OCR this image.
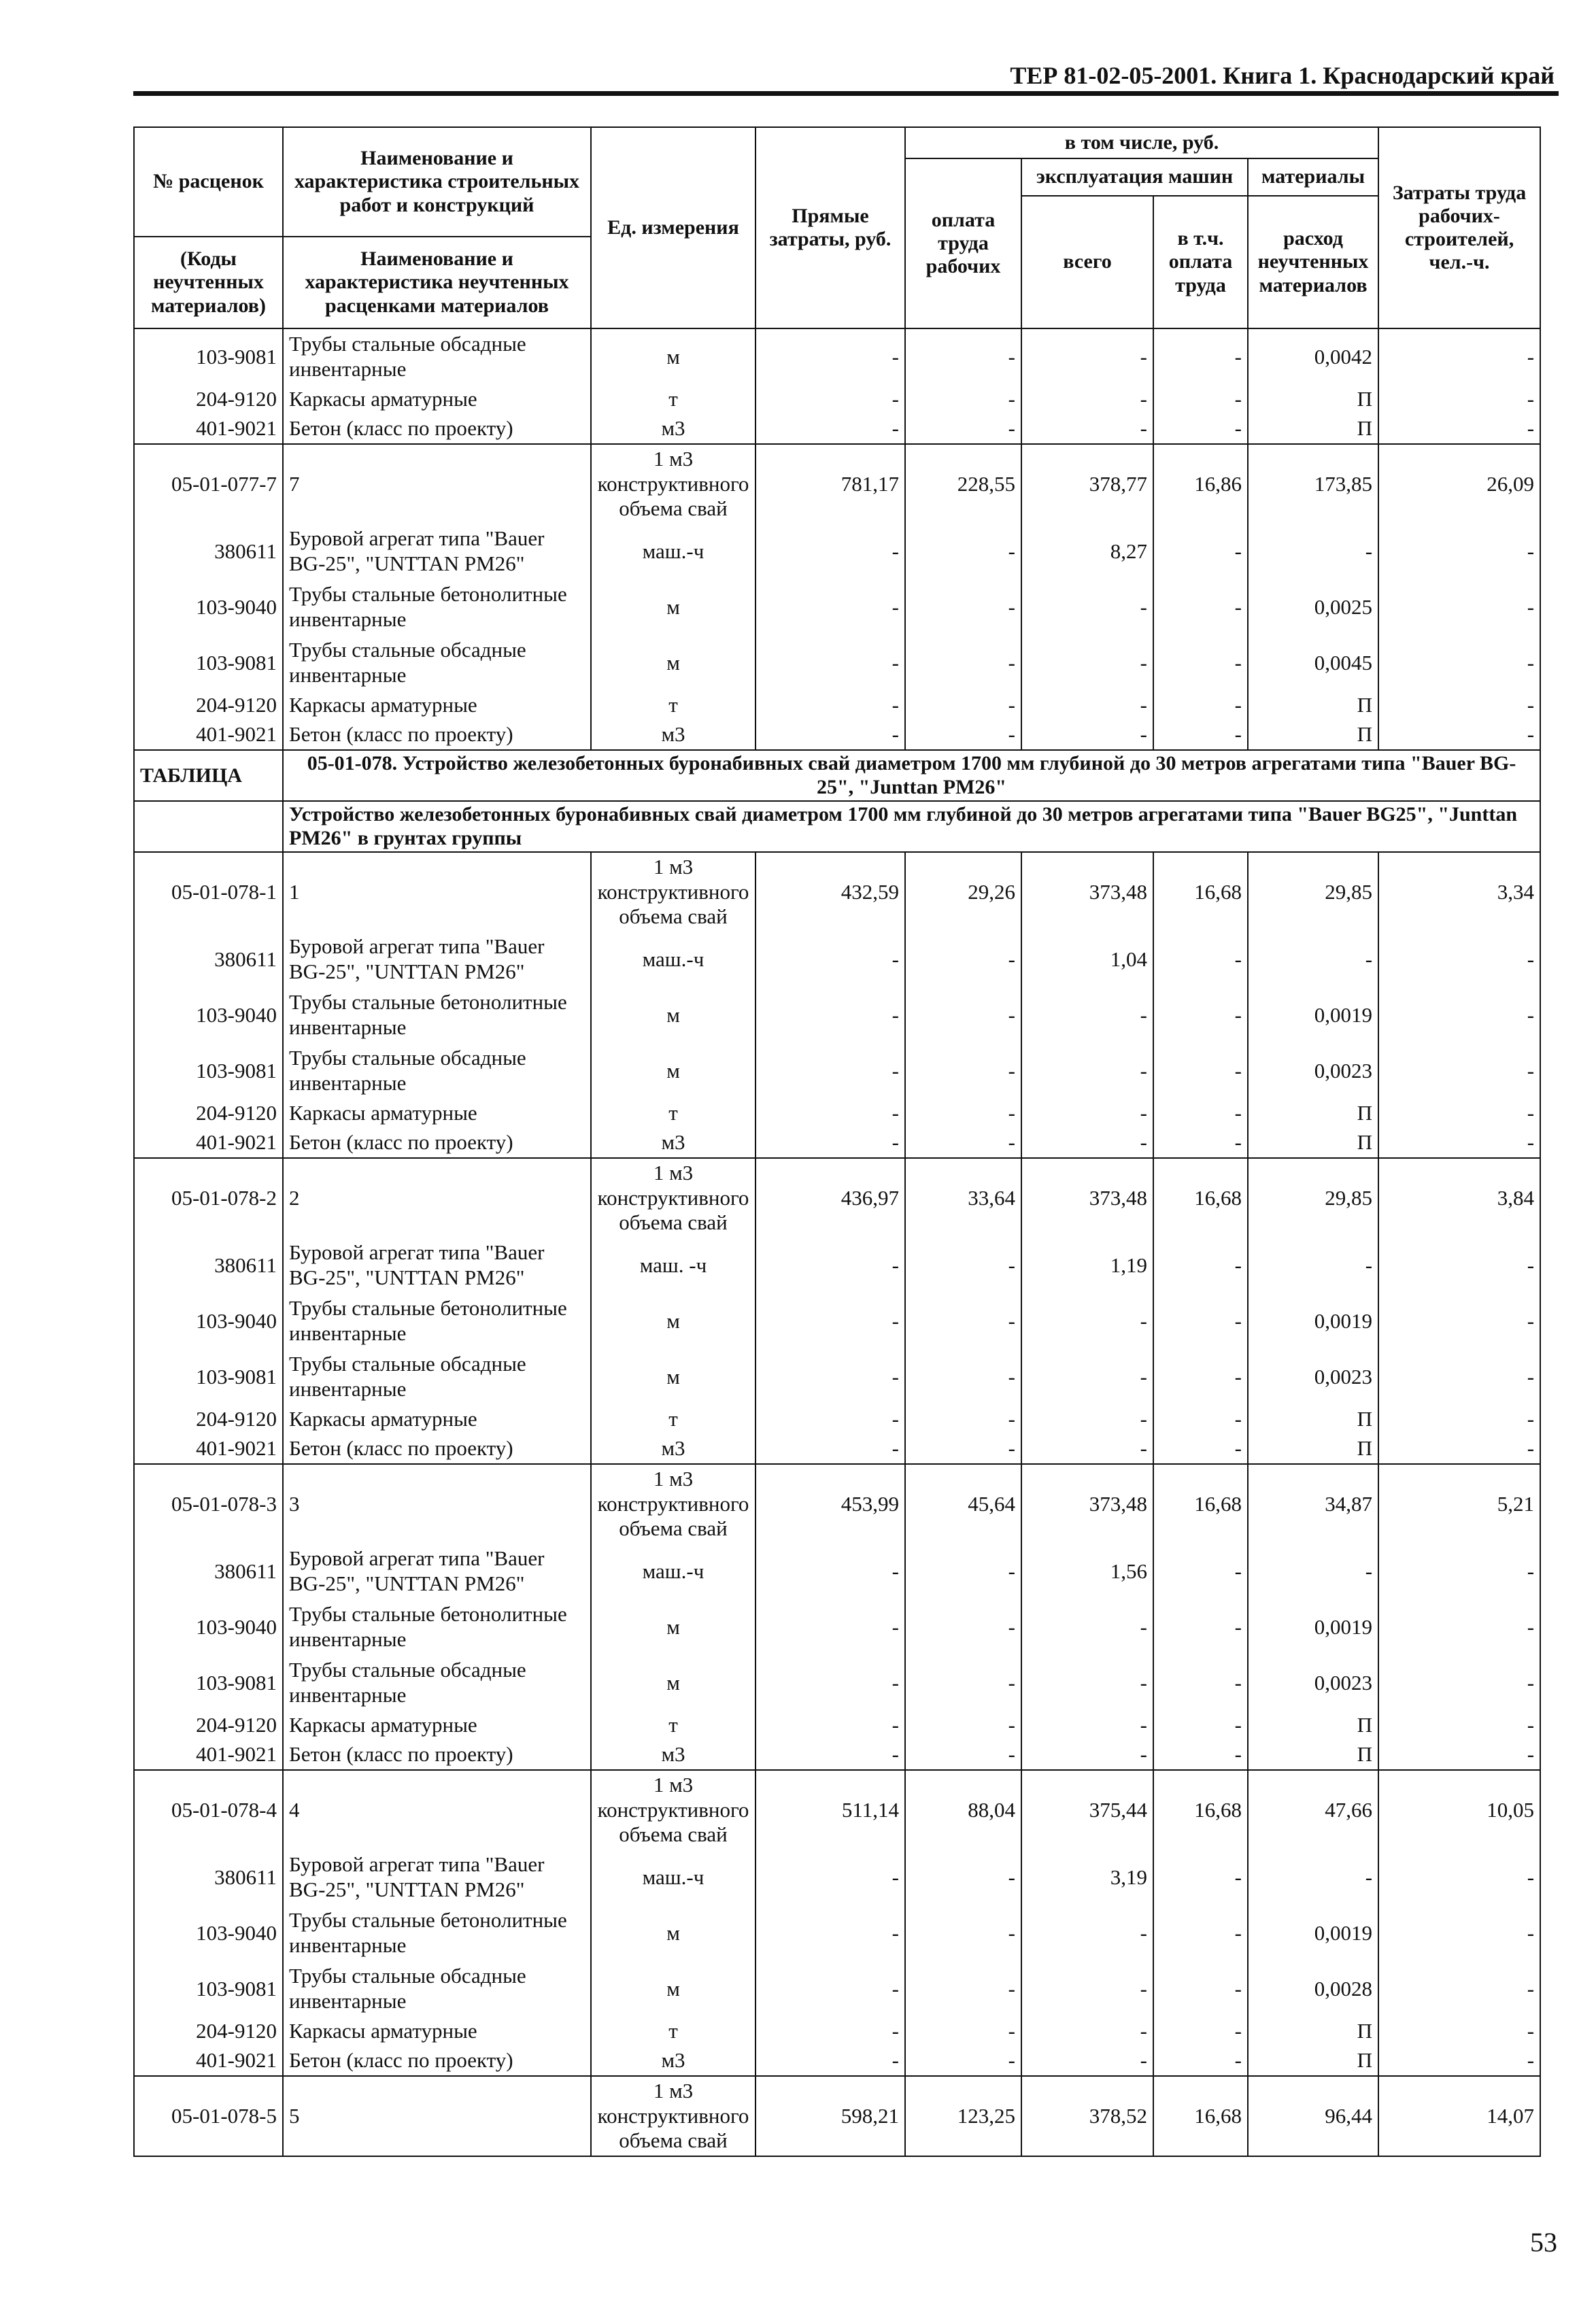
ТЕР 81-02-05-2001. Книга 1. Краснодарский край
№ расценок	Наименование и характеристика строительных работ и конструкций	Ед. измерения	Прямые затраты, руб.	в том числе, руб.				Затраты труда рабочих-строителей, чел.-ч.
				оплата труда рабочих	эксплуатация машин		материалы	
					всего	в т.ч. оплата труда	расход неучтенных материалов	
(Коды неучтенных материалов)	Наименование и характеристика неучтенных расценками материалов							

103-9081	Трубы стальные обсадные инвентарные	м	-	-	-	-	0,0042	-
204-9120	Каркасы арматурные	т	-	-	-	-	П	-
401-9021	Бетон (класс по проекту)	м3	-	-	-	-	П	-
05-01-077-7	7	1 м3 конструктивного объема свай	781,17	228,55	378,77	16,86	173,85	26,09
380611	Буровой агрегат типа "Bauer BG-25", "UNTTAN PM26"	маш.-ч	-	-	8,27	-	-	-
103-9040	Трубы стальные бетонолитные инвентарные	м	-	-	-	-	0,0025	-
103-9081	Трубы стальные обсадные инвентарные	м	-	-	-	-	0,0045	-
204-9120	Каркасы арматурные	т	-	-	-	-	П	-
401-9021	Бетон (класс по проекту)	м3	-	-	-	-	П	-
ТАБЛИЦА	05-01-078. Устройство железобетонных буронабивных свай диаметром 1700 мм глубиной до 30 метров агрегатами типа "Bauer BG-25", "Junttan PM26"							
	Устройство железобетонных буронабивных свай диаметром 1700 мм глубиной до 30 метров агрегатами типа "Bauer BG25", "Junttan PM26" в грунтах группы							
05-01-078-1	1	1 м3 конструктивного объема свай	432,59	29,26	373,48	16,68	29,85	3,34
380611	Буровой агрегат типа "Bauer BG-25", "UNTTAN PM26"	маш.-ч	-	-	1,04	-	-	-
103-9040	Трубы стальные бетонолитные инвентарные	м	-	-	-	-	0,0019	-
103-9081	Трубы стальные обсадные инвентарные	м	-	-	-	-	0,0023	-
204-9120	Каркасы арматурные	т	-	-	-	-	П	-
401-9021	Бетон (класс по проекту)	м3	-	-	-	-	П	-
05-01-078-2	2	1 м3 конструктивного объема свай	436,97	33,64	373,48	16,68	29,85	3,84
380611	Буровой агрегат типа "Bauer BG-25", "UNTTAN PM26"	маш. -ч	-	-	1,19	-	-	-
103-9040	Трубы стальные бетонолитные инвентарные	м	-	-	-	-	0,0019	-
103-9081	Трубы стальные обсадные инвентарные	м	-	-	-	-	0,0023	-
204-9120	Каркасы арматурные	т	-	-	-	-	П	-
401-9021	Бетон (класс по проекту)	м3	-	-	-	-	П	-
05-01-078-3	3	1 м3 конструктивного объема свай	453,99	45,64	373,48	16,68	34,87	5,21
380611	Буровой агрегат типа "Bauer BG-25", "UNTTAN PM26"	маш.-ч	-	-	1,56	-	-	-
103-9040	Трубы стальные бетонолитные инвентарные	м	-	-	-	-	0,0019	-
103-9081	Трубы стальные обсадные инвентарные	м	-	-	-	-	0,0023	-
204-9120	Каркасы арматурные	т	-	-	-	-	П	-
401-9021	Бетон (класс по проекту)	м3	-	-	-	-	П	-
05-01-078-4	4	1 м3 конструктивного объема свай	511,14	88,04	375,44	16,68	47,66	10,05
380611	Буровой агрегат типа "Bauer BG-25", "UNTTAN PM26"	маш.-ч	-	-	3,19	-	-	-
103-9040	Трубы стальные бетонолитные инвентарные	м	-	-	-	-	0,0019	-
103-9081	Трубы стальные обсадные инвентарные	м	-	-	-	-	0,0028	-
204-9120	Каркасы арматурные	т	-	-	-	-	П	-
401-9021	Бетон (класс по проекту)	м3	-	-	-	-	П	-
05-01-078-5	5	1 м3 конструктивного объема свай	598,21	123,25	378,52	16,68	96,44	14,07
53
